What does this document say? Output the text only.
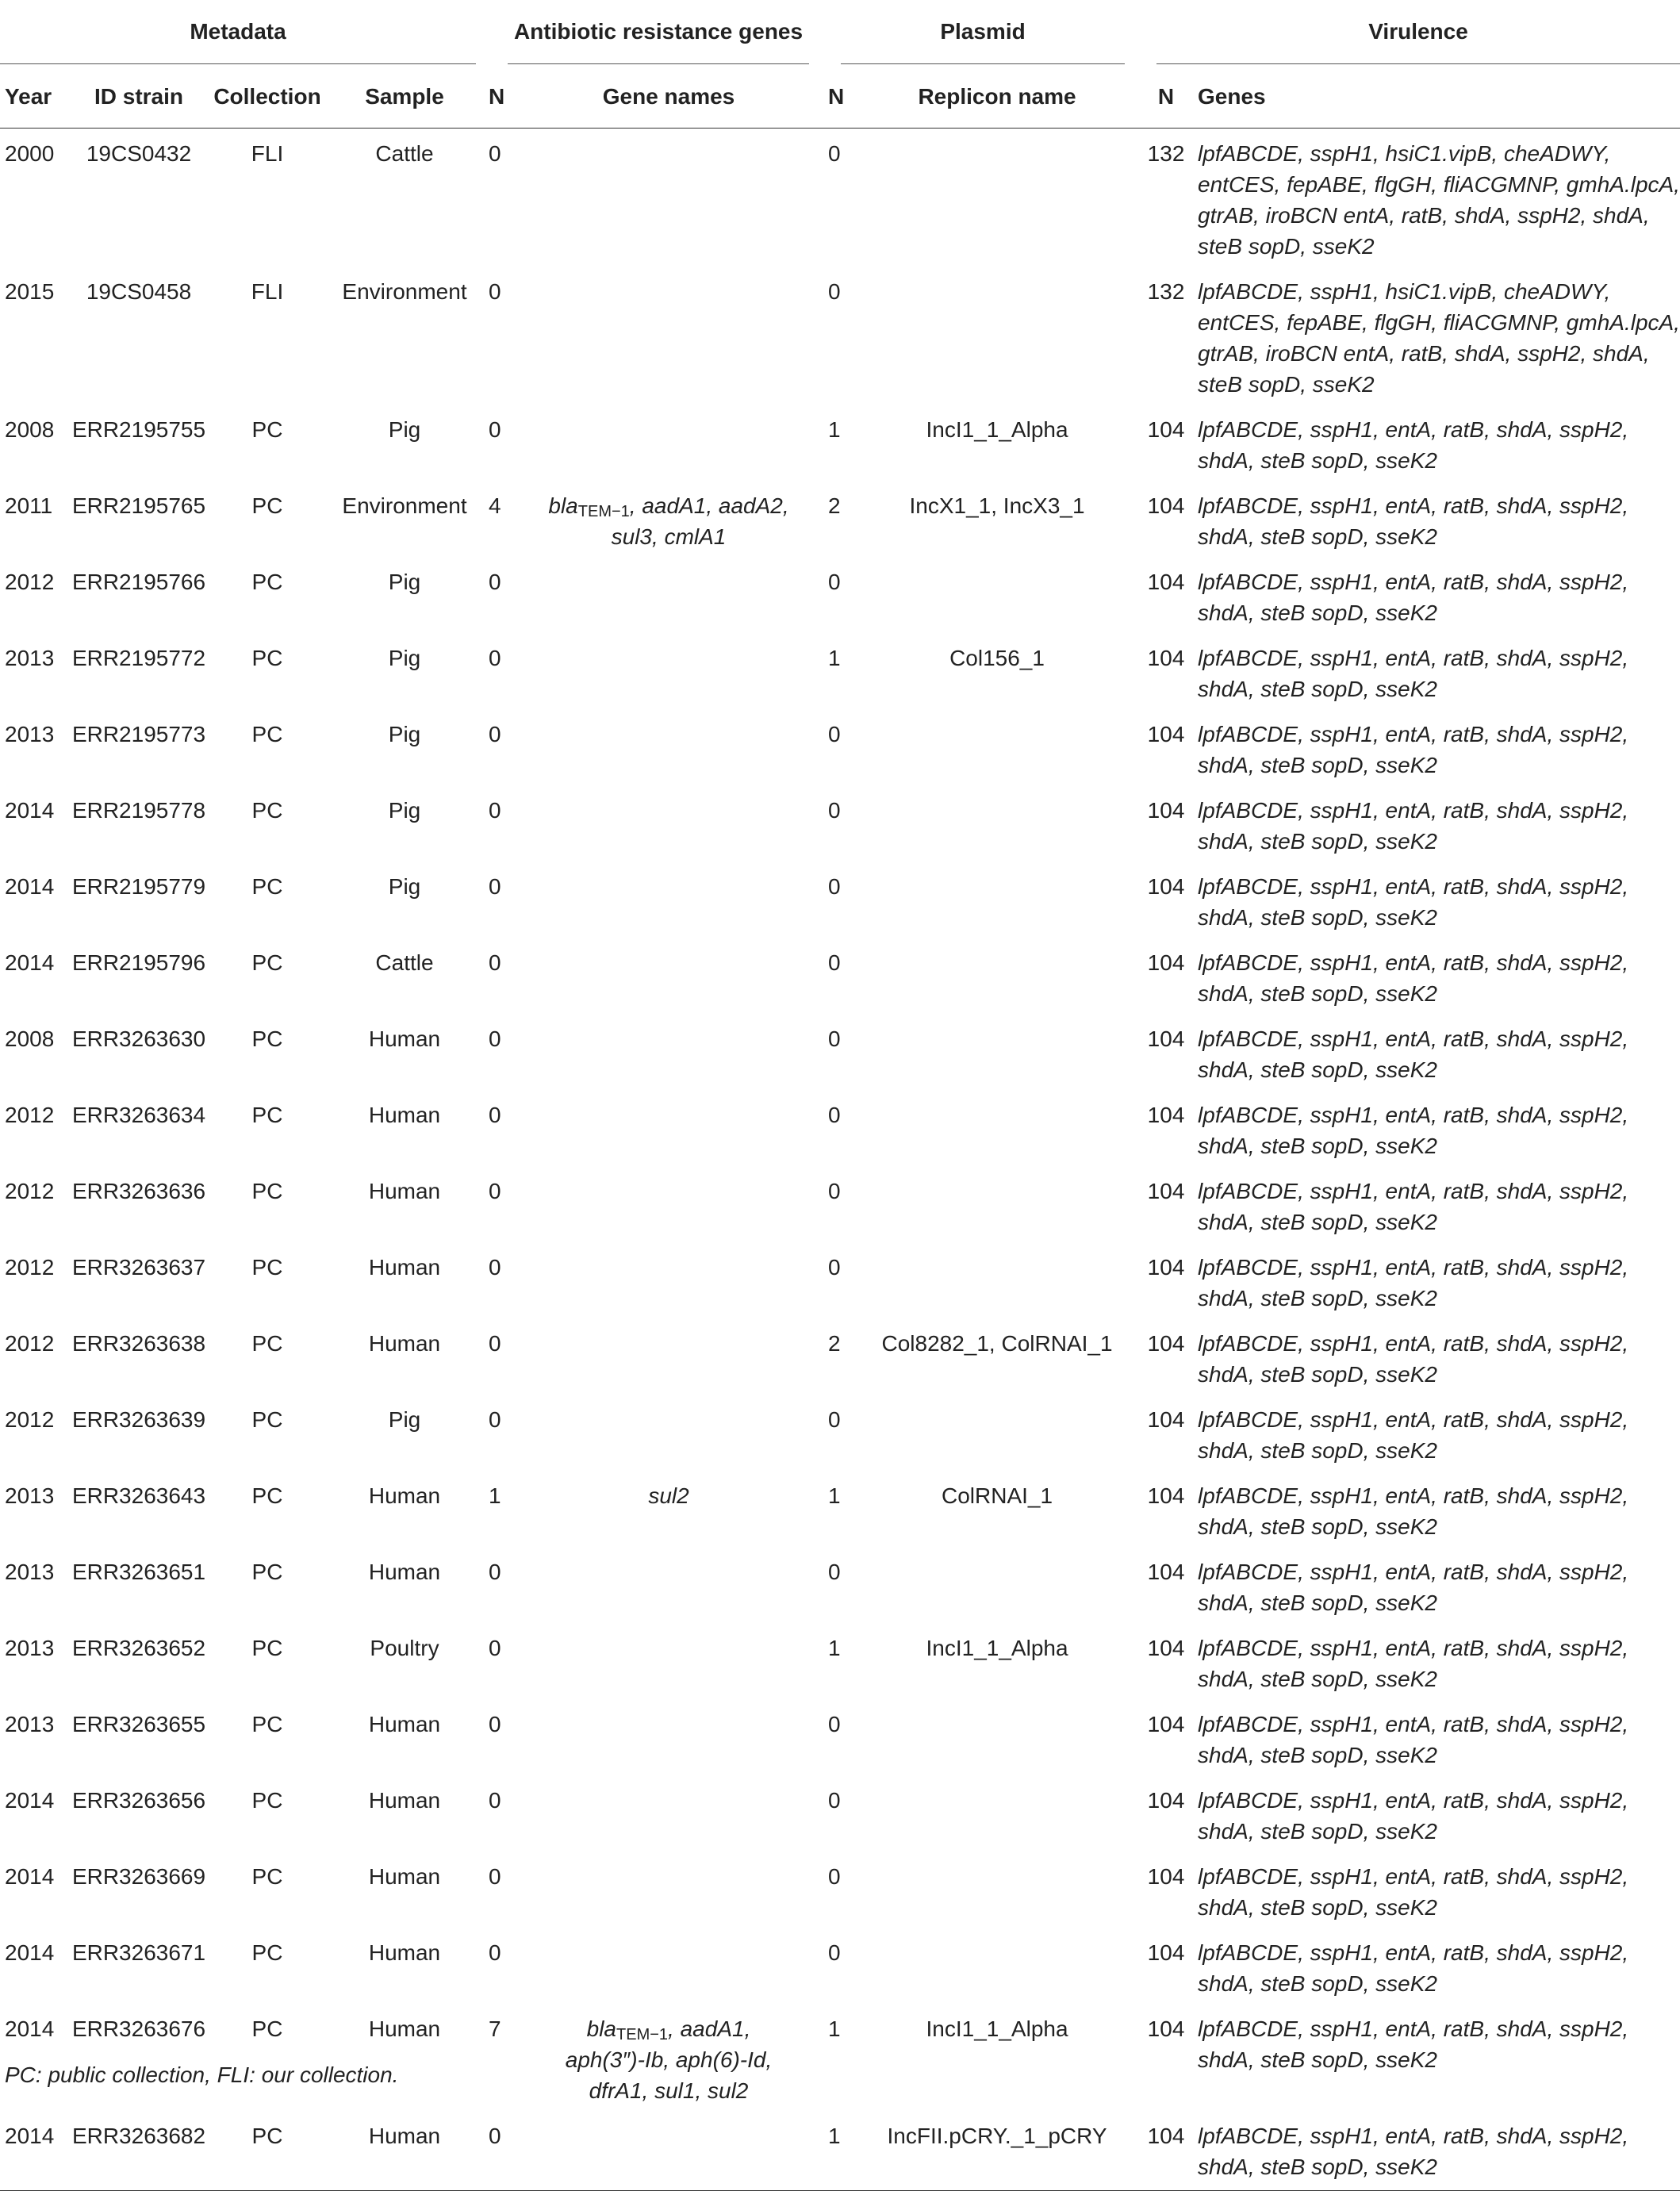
Metadata				Antibiotic resistance genes		Plasmid		Virulence	

Year	ID strain	Collection	Sample	N	Gene names	N	Replicon name	N	Genes
2000	19CS0432	FLI	Cattle	0		0		132	lpfABCDE, sspH1, hsiC1.vipB, cheADWY, entCES, fepABE, flgGH, fliACGMNP, gmhA.lpcA, gtrAB, iroBCN entA, ratB, shdA, sspH2, shdA, steB sopD, sseK2
2015	19CS0458	FLI	Environment	0		0		132	lpfABCDE, sspH1, hsiC1.vipB, cheADWY, entCES, fepABE, flgGH, fliACGMNP, gmhA.lpcA, gtrAB, iroBCN entA, ratB, shdA, sspH2, shdA, steB sopD, sseK2
2008	ERR2195755	PC	Pig	0		1	IncI1_1_Alpha	104	lpfABCDE, sspH1, entA, ratB, shdA, sspH2, shdA, steB sopD, sseK2
2011	ERR2195765	PC	Environment	4	bla$_{TEM-1}$, aadA1, aadA2, sul3, cmlA1	2	IncX1_1, IncX3_1	104	lpfABCDE, sspH1, entA, ratB, shdA, sspH2, shdA, steB sopD, sseK2
2012	ERR2195766	PC	Pig	0		0		104	lpfABCDE, sspH1, entA, ratB, shdA, sspH2, shdA, steB sopD, sseK2
2013	ERR2195772	PC	Pig	0		1	Col156_1	104	lpfABCDE, sspH1, entA, ratB, shdA, sspH2, shdA, steB sopD, sseK2
2013	ERR2195773	PC	Pig	0		0		104	lpfABCDE, sspH1, entA, ratB, shdA, sspH2, shdA, steB sopD, sseK2
2014	ERR2195778	PC	Pig	0		0		104	lpfABCDE, sspH1, entA, ratB, shdA, sspH2, shdA, steB sopD, sseK2
2014	ERR2195779	PC	Pig	0		0		104	lpfABCDE, sspH1, entA, ratB, shdA, sspH2, shdA, steB sopD, sseK2
2014	ERR2195796	PC	Cattle	0		0		104	lpfABCDE, sspH1, entA, ratB, shdA, sspH2, shdA, steB sopD, sseK2
2008	ERR3263630	PC	Human	0		0		104	lpfABCDE, sspH1, entA, ratB, shdA, sspH2, shdA, steB sopD, sseK2
2012	ERR3263634	PC	Human	0		0		104	lpfABCDE, sspH1, entA, ratB, shdA, sspH2, shdA, steB sopD, sseK2
2012	ERR3263636	PC	Human	0		0		104	lpfABCDE, sspH1, entA, ratB, shdA, sspH2, shdA, steB sopD, sseK2
2012	ERR3263637	PC	Human	0		0		104	lpfABCDE, sspH1, entA, ratB, shdA, sspH2, shdA, steB sopD, sseK2
2012	ERR3263638	PC	Human	0		2	Col8282_1, ColRNAI_1	104	lpfABCDE, sspH1, entA, ratB, shdA, sspH2, shdA, steB sopD, sseK2
2012	ERR3263639	PC	Pig	0		0		104	lpfABCDE, sspH1, entA, ratB, shdA, sspH2, shdA, steB sopD, sseK2
2013	ERR3263643	PC	Human	1	sul2	1	ColRNAI_1	104	lpfABCDE, sspH1, entA, ratB, shdA, sspH2, shdA, steB sopD, sseK2
2013	ERR3263651	PC	Human	0		0		104	lpfABCDE, sspH1, entA, ratB, shdA, sspH2, shdA, steB sopD, sseK2
2013	ERR3263652	PC	Poultry	0		1	IncI1_1_Alpha	104	lpfABCDE, sspH1, entA, ratB, shdA, sspH2, shdA, steB sopD, sseK2
2013	ERR3263655	PC	Human	0		0		104	lpfABCDE, sspH1, entA, ratB, shdA, sspH2, shdA, steB sopD, sseK2
2014	ERR3263656	PC	Human	0		0		104	lpfABCDE, sspH1, entA, ratB, shdA, sspH2, shdA, steB sopD, sseK2
2014	ERR3263669	PC	Human	0		0		104	lpfABCDE, sspH1, entA, ratB, shdA, sspH2, shdA, steB sopD, sseK2
2014	ERR3263671	PC	Human	0		0		104	lpfABCDE, sspH1, entA, ratB, shdA, sspH2, shdA, steB sopD, sseK2
2014	ERR3263676	PC	Human	7	bla$_{TEM-1}$, aadA1, aph(3″)-Ib, aph(6)-Id, dfrA1, sul1, sul2	1	IncI1_1_Alpha	104	lpfABCDE, sspH1, entA, ratB, shdA, sspH2, shdA, steB sopD, sseK2
2014	ERR3263682	PC	Human	0		1	IncFII.pCRY._1_pCRY	104	lpfABCDE, sspH1, entA, ratB, shdA, sspH2, shdA, steB sopD, sseK2
PC: public collection, FLI: our collection.
